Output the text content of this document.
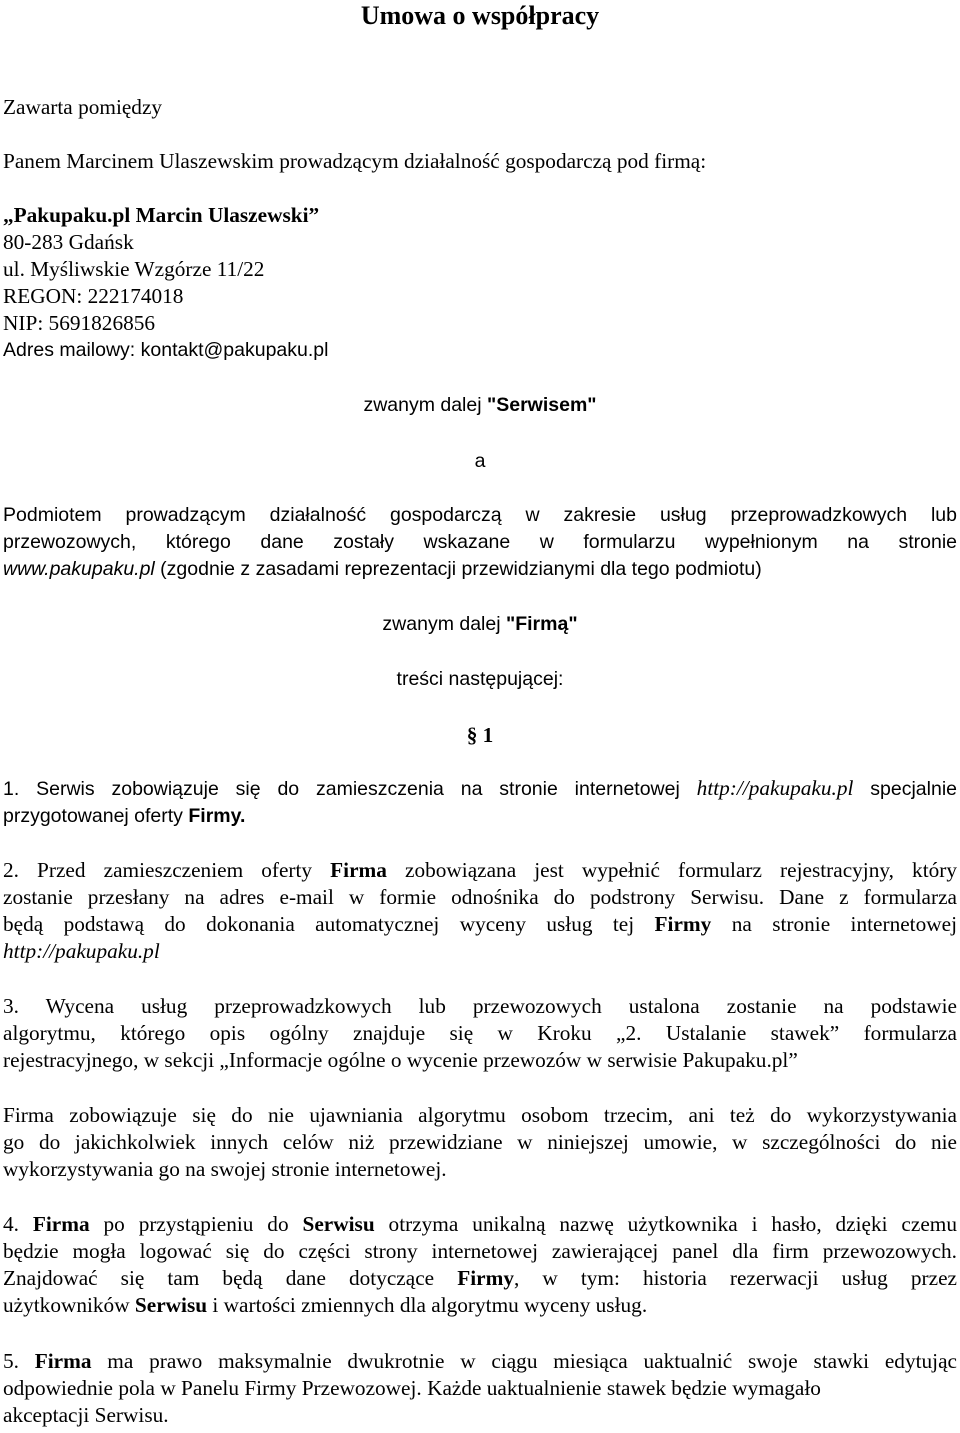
Umowa o współpracy

Zawarta pomiędzy

Panem Marcinem Ulaszewskim prowadzącym działalność gospodarczą pod firmą:

„Pakupaku.pl Marcin Ulaszewski”
80-283 Gdańsk
ul. Myśliwskie Wzgórze 11/22
REGON: 222174018
NIP: 5691826856
Adres mailowy: kontakt@pakupaku.pl

zwanym dalej "Serwisem"

a

Podmiotem prowadzącym działalność gospodarczą w zakresie usług przeprowadzkowych lub
przewozowych, którego dane zostały wskazane w formularzu wypełnionym na stronie
www.pakupaku.pl (zgodnie z zasadami reprezentacji przewidzianymi dla tego podmiotu)

zwanym dalej "Firmą"

treści następującej:

§ 1

1. Serwis zobowiązuje się do zamieszczenia na stronie internetowej http://pakupaku.pl specjalnie
przygotowanej oferty Firmy.
2. Przed zamieszczeniem oferty Firma zobowiązana jest wypełnić formularz rejestracyjny, który
zostanie przesłany na adres e-mail w formie odnośnika do podstrony Serwisu. Dane z formularza
będą podstawą do dokonania automatycznej wyceny usług tej Firmy na stronie internetowej
http://pakupaku.pl
3. Wycena usług przeprowadzkowych lub przewozowych ustalona zostanie na podstawie
algorytmu, którego opis ogólny znajduje się w Kroku „2. Ustalanie stawek” formularza
rejestracyjnego, w sekcji „Informacje ogólne o wycenie przewozów w serwisie Pakupaku.pl”
Firma zobowiązuje się do nie ujawniania algorytmu osobom trzecim, ani też do wykorzystywania
go do jakichkolwiek innych celów niż przewidziane w niniejszej umowie, w szczególności do nie
wykorzystywania go na swojej stronie internetowej.
4. Firma po przystąpieniu do Serwisu otrzyma unikalną nazwę użytkownika i hasło, dzięki czemu
będzie mogła logować się do części strony internetowej zawierającej panel dla firm przewozowych.
Znajdować się tam będą dane dotyczące Firmy, w tym: historia rezerwacji usług przez
użytkowników Serwisu i wartości zmiennych dla algorytmu wyceny usług.
5. Firma ma prawo maksymalnie dwukrotnie w ciągu miesiąca uaktualnić swoje stawki edytując
odpowiednie pola w Panelu Firmy Przewozowej. Każde uaktualnienie stawek będzie wymagało
akceptacji Serwisu.
